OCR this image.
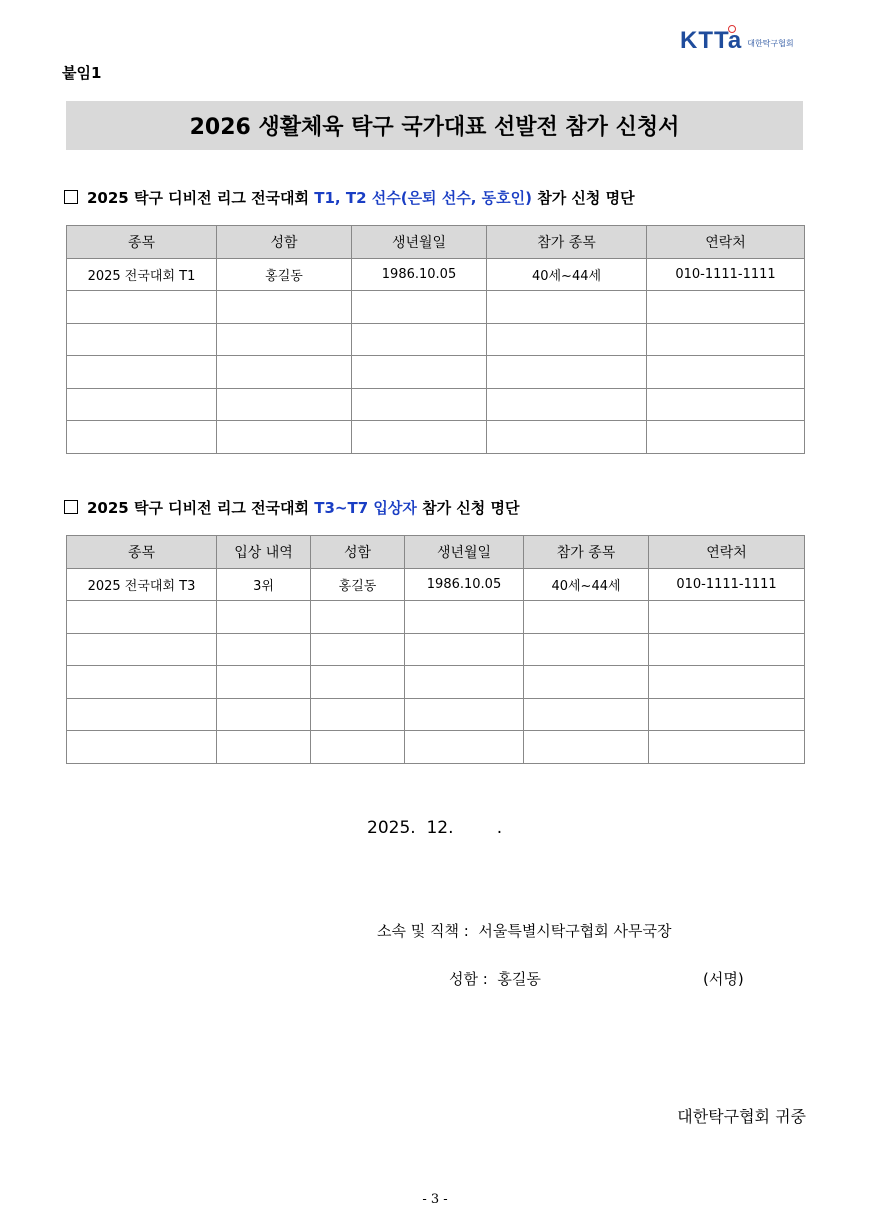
KTTa 대한탁구협회
붙임1
2026 생활체육 탁구 국가대표 선발전 참가 신청서
2025 탁구 디비전 리그 전국대회 T1, T2 선수(은퇴 선수, 동호인) 참가 신청 명단
종목	성함	생년월일	참가 종목	연락처
2025 전국대회 T1	홍길동	1986.10.05	40세~44세	010-1111-1111

2025 탁구 디비전 리그 전국대회 T3~T7 입상자 참가 신청 명단
종목	입상 내역	성함	생년월일	참가 종목	연락처
2025 전국대회 T3	3위	홍길동	1986.10.05	40세~44세	010-1111-1111

2025.  12.        .
소속 및 직책 :  서울특별시탁구협회 사무국장
성함 :  홍길동	(서명)
대한탁구협회 귀중
- 3 -
